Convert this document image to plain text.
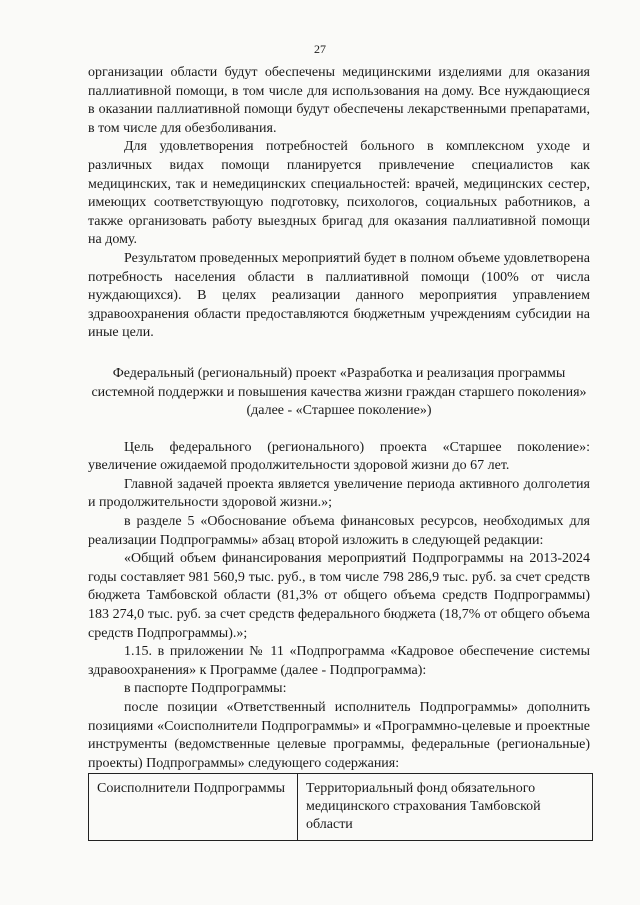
27

организации области будут обеспечены медицинскими изделиями для оказания паллиативной помощи, в том числе для использования на дому. Все нуждающиеся в оказании паллиативной помощи будут обеспечены лекарственными препаратами, в том числе для обезболивания.

Для удовлетворения потребностей больного в комплексном уходе и различных видах помощи планируется привлечение специалистов как медицинских, так и немедицинских специальностей: врачей, медицинских сестер, имеющих соответствующую подготовку, психологов, социальных работников, а также организовать работу выездных бригад для оказания паллиативной помощи на дому.

Результатом проведенных мероприятий будет в полном объеме удовлетворена потребность населения области в паллиативной помощи (100% от числа нуждающихся). В целях реализации данного мероприятия управлением здравоохранения области предоставляются бюджетным учреждениям субсидии на иные цели.

Федеральный (региональный) проект «Разработка и реализация программы системной поддержки и повышения качества жизни граждан старшего поколения» (далее - «Старшее поколение»)

Цель федерального (регионального) проекта «Старшее поколение»: увеличение ожидаемой продолжительности здоровой жизни до 67 лет.

Главной задачей проекта является увеличение периода активного долголетия и продолжительности здоровой жизни.»;

в разделе 5 «Обоснование объема финансовых ресурсов, необходимых для реализации Подпрограммы» абзац второй изложить в следующей редакции:

«Общий объем финансирования мероприятий Подпрограммы на 2013-2024 годы составляет 981 560,9 тыс. руб., в том числе 798 286,9 тыс. руб. за счет средств бюджета Тамбовской области (81,3% от общего объема средств Подпрограммы) 183 274,0 тыс. руб. за счет средств федерального бюджета (18,7% от общего объема средств Подпрограммы).»;

1.15. в приложении № 11 «Подпрограмма «Кадровое обеспечение системы здравоохранения» к Программе (далее - Подпрограмма):

в паспорте Подпрограммы:

после позиции «Ответственный исполнитель Подпрограммы» дополнить позициями «Соисполнители Подпрограммы» и «Программно-целевые и проектные инструменты (ведомственные целевые программы, федеральные (региональные) проекты) Подпрограммы» следующего содержания:

Соисполнители Подпрограммы	Территориальный фонд обязательного медицинского страхования Тамбовской области
